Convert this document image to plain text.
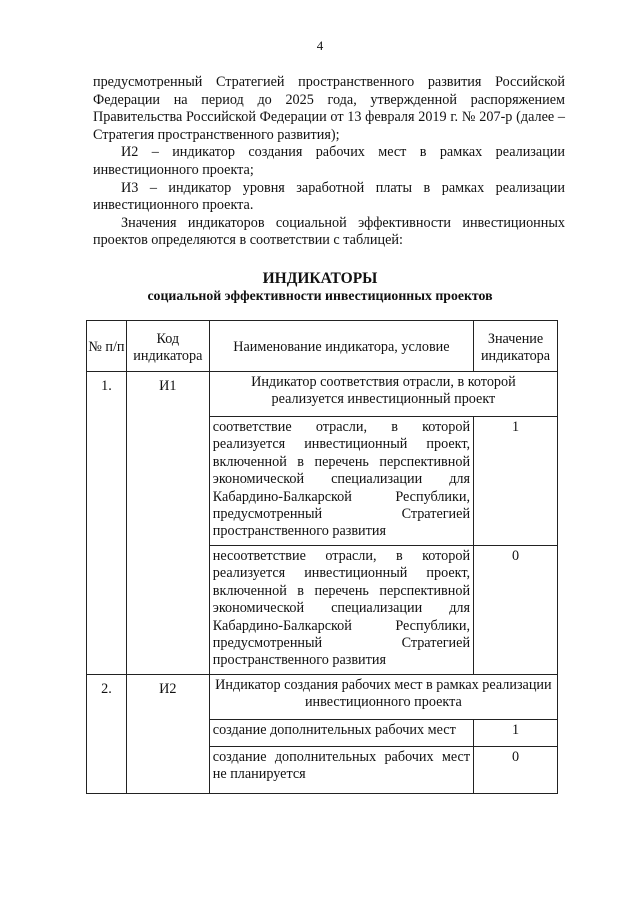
4

предусмотренный Стратегией пространственного развития Российской Федерации на период до 2025 года, утвержденной распоряжением Правительства Российской Федерации от 13 февраля 2019 г. № 207-р (далее – Стратегия пространственного развития);

И2 – индикатор создания рабочих мест в рамках реализации инвестиционного проекта;

И3 – индикатор уровня заработной платы в рамках реализации инвестиционного проекта.

Значения индикаторов социальной эффективности инвестиционных проектов определяются в соответствии с таблицей:

ИНДИКАТОРЫ
социальной эффективности инвестиционных проектов
№ п/п	Код индикатора	Наименование индикатора, условие	Значение индикатора
1.	И1	Индикатор соответствия отрасли, в которой реализуется инвестиционный проект	
		соответствие отрасли, в которой реализуется инвестиционный проект, включенной в перечень перспективной экономической специализации для Кабардино-Балкарской Республики, предусмотренный Стратегией пространственного развития	1
		несоответствие отрасли, в которой реализуется инвестиционный проект, включенной в перечень перспективной экономической специализации для Кабардино-Балкарской Республики, предусмотренный Стратегией пространственного развития	0
2.	И2	Индикатор создания рабочих мест в рамках реализации инвестиционного проекта	
		создание дополнительных рабочих мест	1
		создание дополнительных рабочих мест не планируется	0
